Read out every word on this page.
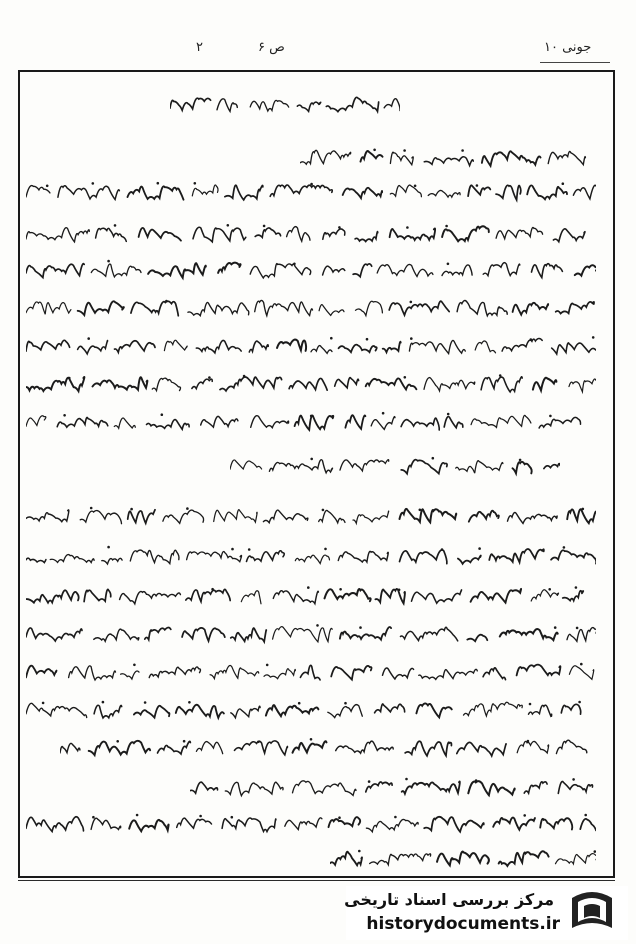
۲	ص ۶	جونی ۱۰
مرکز بررسی اسناد تاریخی
historydocuments.ir
